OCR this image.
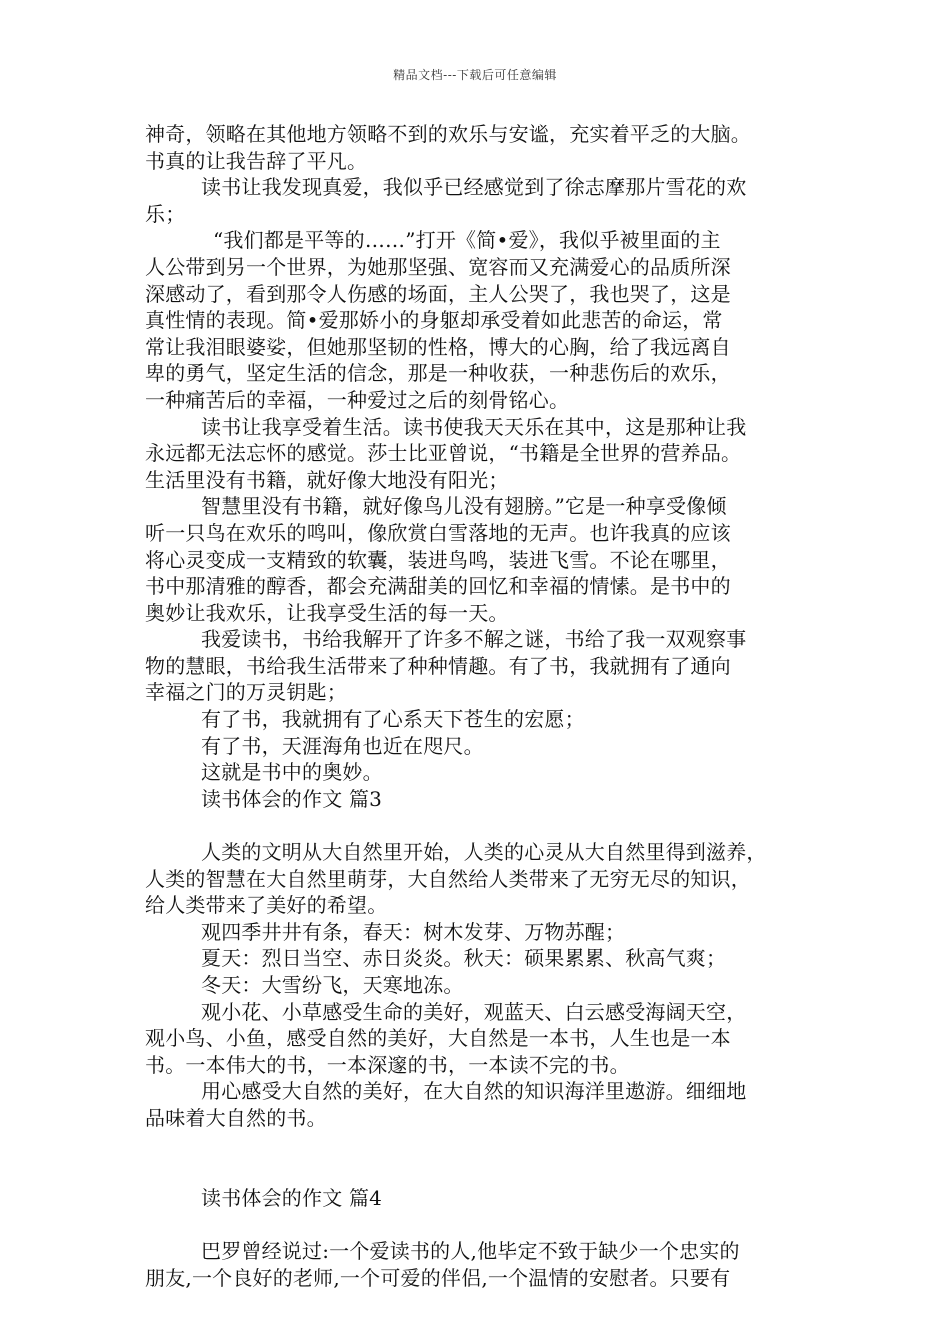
精品文档---下载后可任意编辑
神奇，领略在其他地方领略不到的欢乐与安谧，充实着平乏的大脑。
书真的让我告辞了平凡。
读书让我发现真爱，我似乎已经感觉到了徐志摩那片雪花的欢
乐；
“我们都是平等的……”打开《简•爱》，我似乎被里面的主
人公带到另一个世界，为她那坚强、宽容而又充满爱心的品质所深
深感动了，看到那令人伤感的场面，主人公哭了，我也哭了，这是
真性情的表现。简•爱那娇小的身躯却承受着如此悲苦的命运，常
常让我泪眼婆娑，但她那坚韧的性格，博大的心胸，给了我远离自
卑的勇气，坚定生活的信念，那是一种收获，一种悲伤后的欢乐，
一种痛苦后的幸福，一种爱过之后的刻骨铭心。
读书让我享受着生活。读书使我天天乐在其中，这是那种让我
永远都无法忘怀的感觉。莎士比亚曾说，“书籍是全世界的营养品。
生活里没有书籍，就好像大地没有阳光；
智慧里没有书籍，就好像鸟儿没有翅膀。”它是一种享受像倾
听一只鸟在欢乐的鸣叫，像欣赏白雪落地的无声。也许我真的应该
将心灵变成一支精致的软囊，装进鸟鸣，装进飞雪。不论在哪里，
书中那清雅的醇香，都会充满甜美的回忆和幸福的情愫。是书中的
奥妙让我欢乐，让我享受生活的每一天。
我爱读书，书给我解开了许多不解之谜，书给了我一双观察事
物的慧眼，书给我生活带来了种种情趣。有了书，我就拥有了通向
幸福之门的万灵钥匙；
有了书，我就拥有了心系天下苍生的宏愿；
有了书，天涯海角也近在咫尺。
这就是书中的奥妙。
读书体会的作文 篇3
人类的文明从大自然里开始，人类的心灵从大自然里得到滋养，
人类的智慧在大自然里萌芽，大自然给人类带来了无穷无尽的知识，
给人类带来了美好的希望。
观四季井井有条，春天：树木发芽、万物苏醒；
夏天：烈日当空、赤日炎炎。秋天：硕果累累、秋高气爽；
冬天：大雪纷飞，天寒地冻。
观小花、小草感受生命的美好，观蓝天、白云感受海阔天空，
观小鸟、小鱼，感受自然的美好，大自然是一本书，人生也是一本
书。一本伟大的书，一本深邃的书，一本读不完的书。
用心感受大自然的美好，在大自然的知识海洋里遨游。细细地
品味着大自然的书。
读书体会的作文 篇4
巴罗曾经说过:一个爱读书的人,他毕定不致于缺少一个忠实的
朋友,一个良好的老师,一个可爱的伴侣,一个温情的安慰者。只要有
